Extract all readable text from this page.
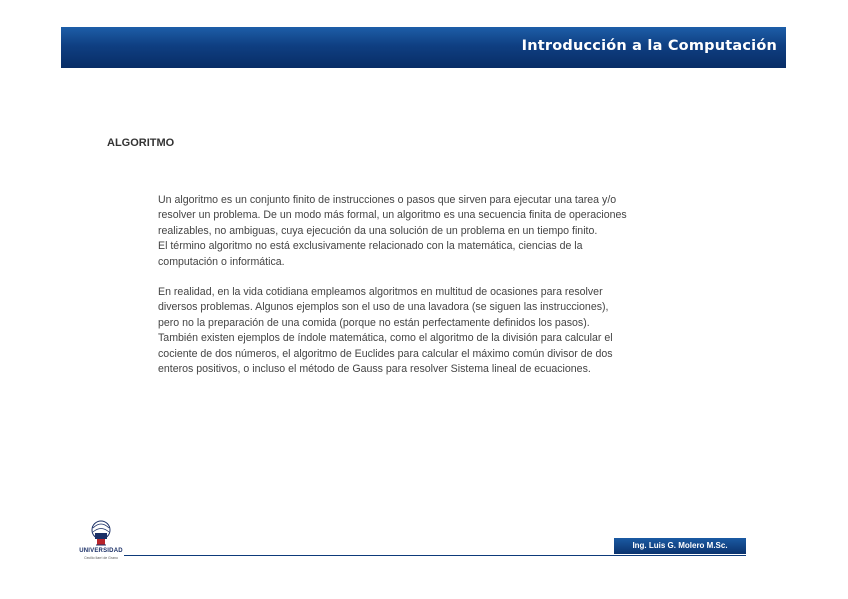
Introducción a la Computación
ALGORITMO

Un algoritmo es un conjunto finito de instrucciones o pasos que sirven para ejecutar una tarea y/o

resolver un problema. De un modo más formal, un algoritmo es una secuencia finita de operaciones

realizables, no ambiguas, cuya ejecución da una solución de un problema en un tiempo finito.

El término algoritmo no está exclusivamente relacionado con la matemática, ciencias de la

computación o informática.

En realidad, en la vida cotidiana empleamos algoritmos en multitud de ocasiones para resolver

diversos problemas. Algunos ejemplos son el uso de una lavadora (se siguen las instrucciones),

pero no la preparación de una comida (porque no están perfectamente definidos los pasos).

También existen ejemplos de índole matemática, como el algoritmo de la división para calcular el

cociente de dos números, el algoritmo de Euclides para calcular el máximo común divisor de dos

enteros positivos, o incluso el método de Gauss para resolver Sistema lineal de ecuaciones.

UNIVERSIDAD
Cecilio Ilarri de Grano
Ing. Luis G. Molero M.Sc.
